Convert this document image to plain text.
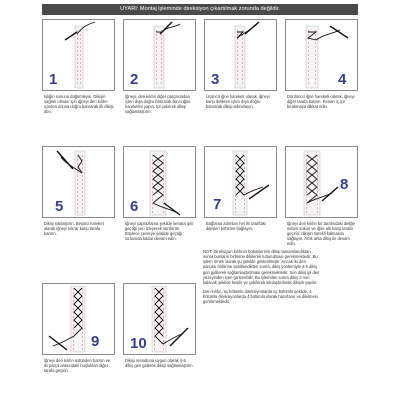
UYARI: Montaj işleminde direksiyon çıkartılmak zorunda değildir.
1
İşliğin sonunu düğümleyin. Dikişin sağları olması için iğneyi deri kılıfın içinden dışına doğru batırarak ilk dikişi atın.
2
İğneyi, deri kılıfın diğer parçasından içten dışa doğru batırarak ikinci iğne hareketini yapın. İpi çekerek dikişi sağlamlaştırın.
3
Üçüncü iğne hareketi olarak, iğneyi karşı delikten içten dışa doğru batırarak dikişi tekrarlayın.
4
Dördüncü iğne hareketi olarak, iğneyi diğer tarafa batırın. Kenarı iç içe bırakmaya dikkat edin.
5
Dikişi sıkılaştırın. Beşinci hareket olarak iğneyi tekrar karşı tarafa batırın.
6
İğneyi çaprazlama şekilde kenara ipin geçtiği yeri izleyerek sürdürün. Böylece çevreye şekilde geçtiği sırasında kadar devam edin.
7
Bağlama adımları her iki taraftaki dikişleri birbirine bağlayın.
8
Iğneyi deri kılıfın bir tarafındaki deliğe üstten sokun ve iğne altı karşı tarafa geçirin; dikişin sürekli kalmasını sağlayın. Artık arka dikiş ile devam edin.
9
İğneyi deri kılıfın üstünden batırın ve iki parça arasındaki boşluktan diğer tarafa geçirin.
10
Dikişi metoduna uygun olarak 4-5 dikiş geri giderek dikişi sağlamlaştırın.

NOT: Direksiyon kılıfının bölümlerinin dikişi tamamlandıktan sonra bunların birbirine dikilerek tutturulması gerekmektedir. Bu işlem örnek olarak şu şekilde gösterilmiştir. Ancak iki deri parçası birbirine sabitlendikten sonra, dikiş yöntemiyle 4-5 dikiş geri gidilerek sağlamlaştırılması gerekmektedir. Son dikiş ipi deri yüzeyinden içeri gizlenebilir. Bu işlemden sonra dikiş 3 mm kalacak şekilde kesilir ve çekilerek sıkılaştırılarak dikişin yapılır.

Deri kılıfın, üç bölümlü direksiyonlarda üç bölümlü şekilde, 4 bölümlü direksiyonlarda 4 bölümlü olarak hazırlanır ve dikilmesi gerekmektedir.
